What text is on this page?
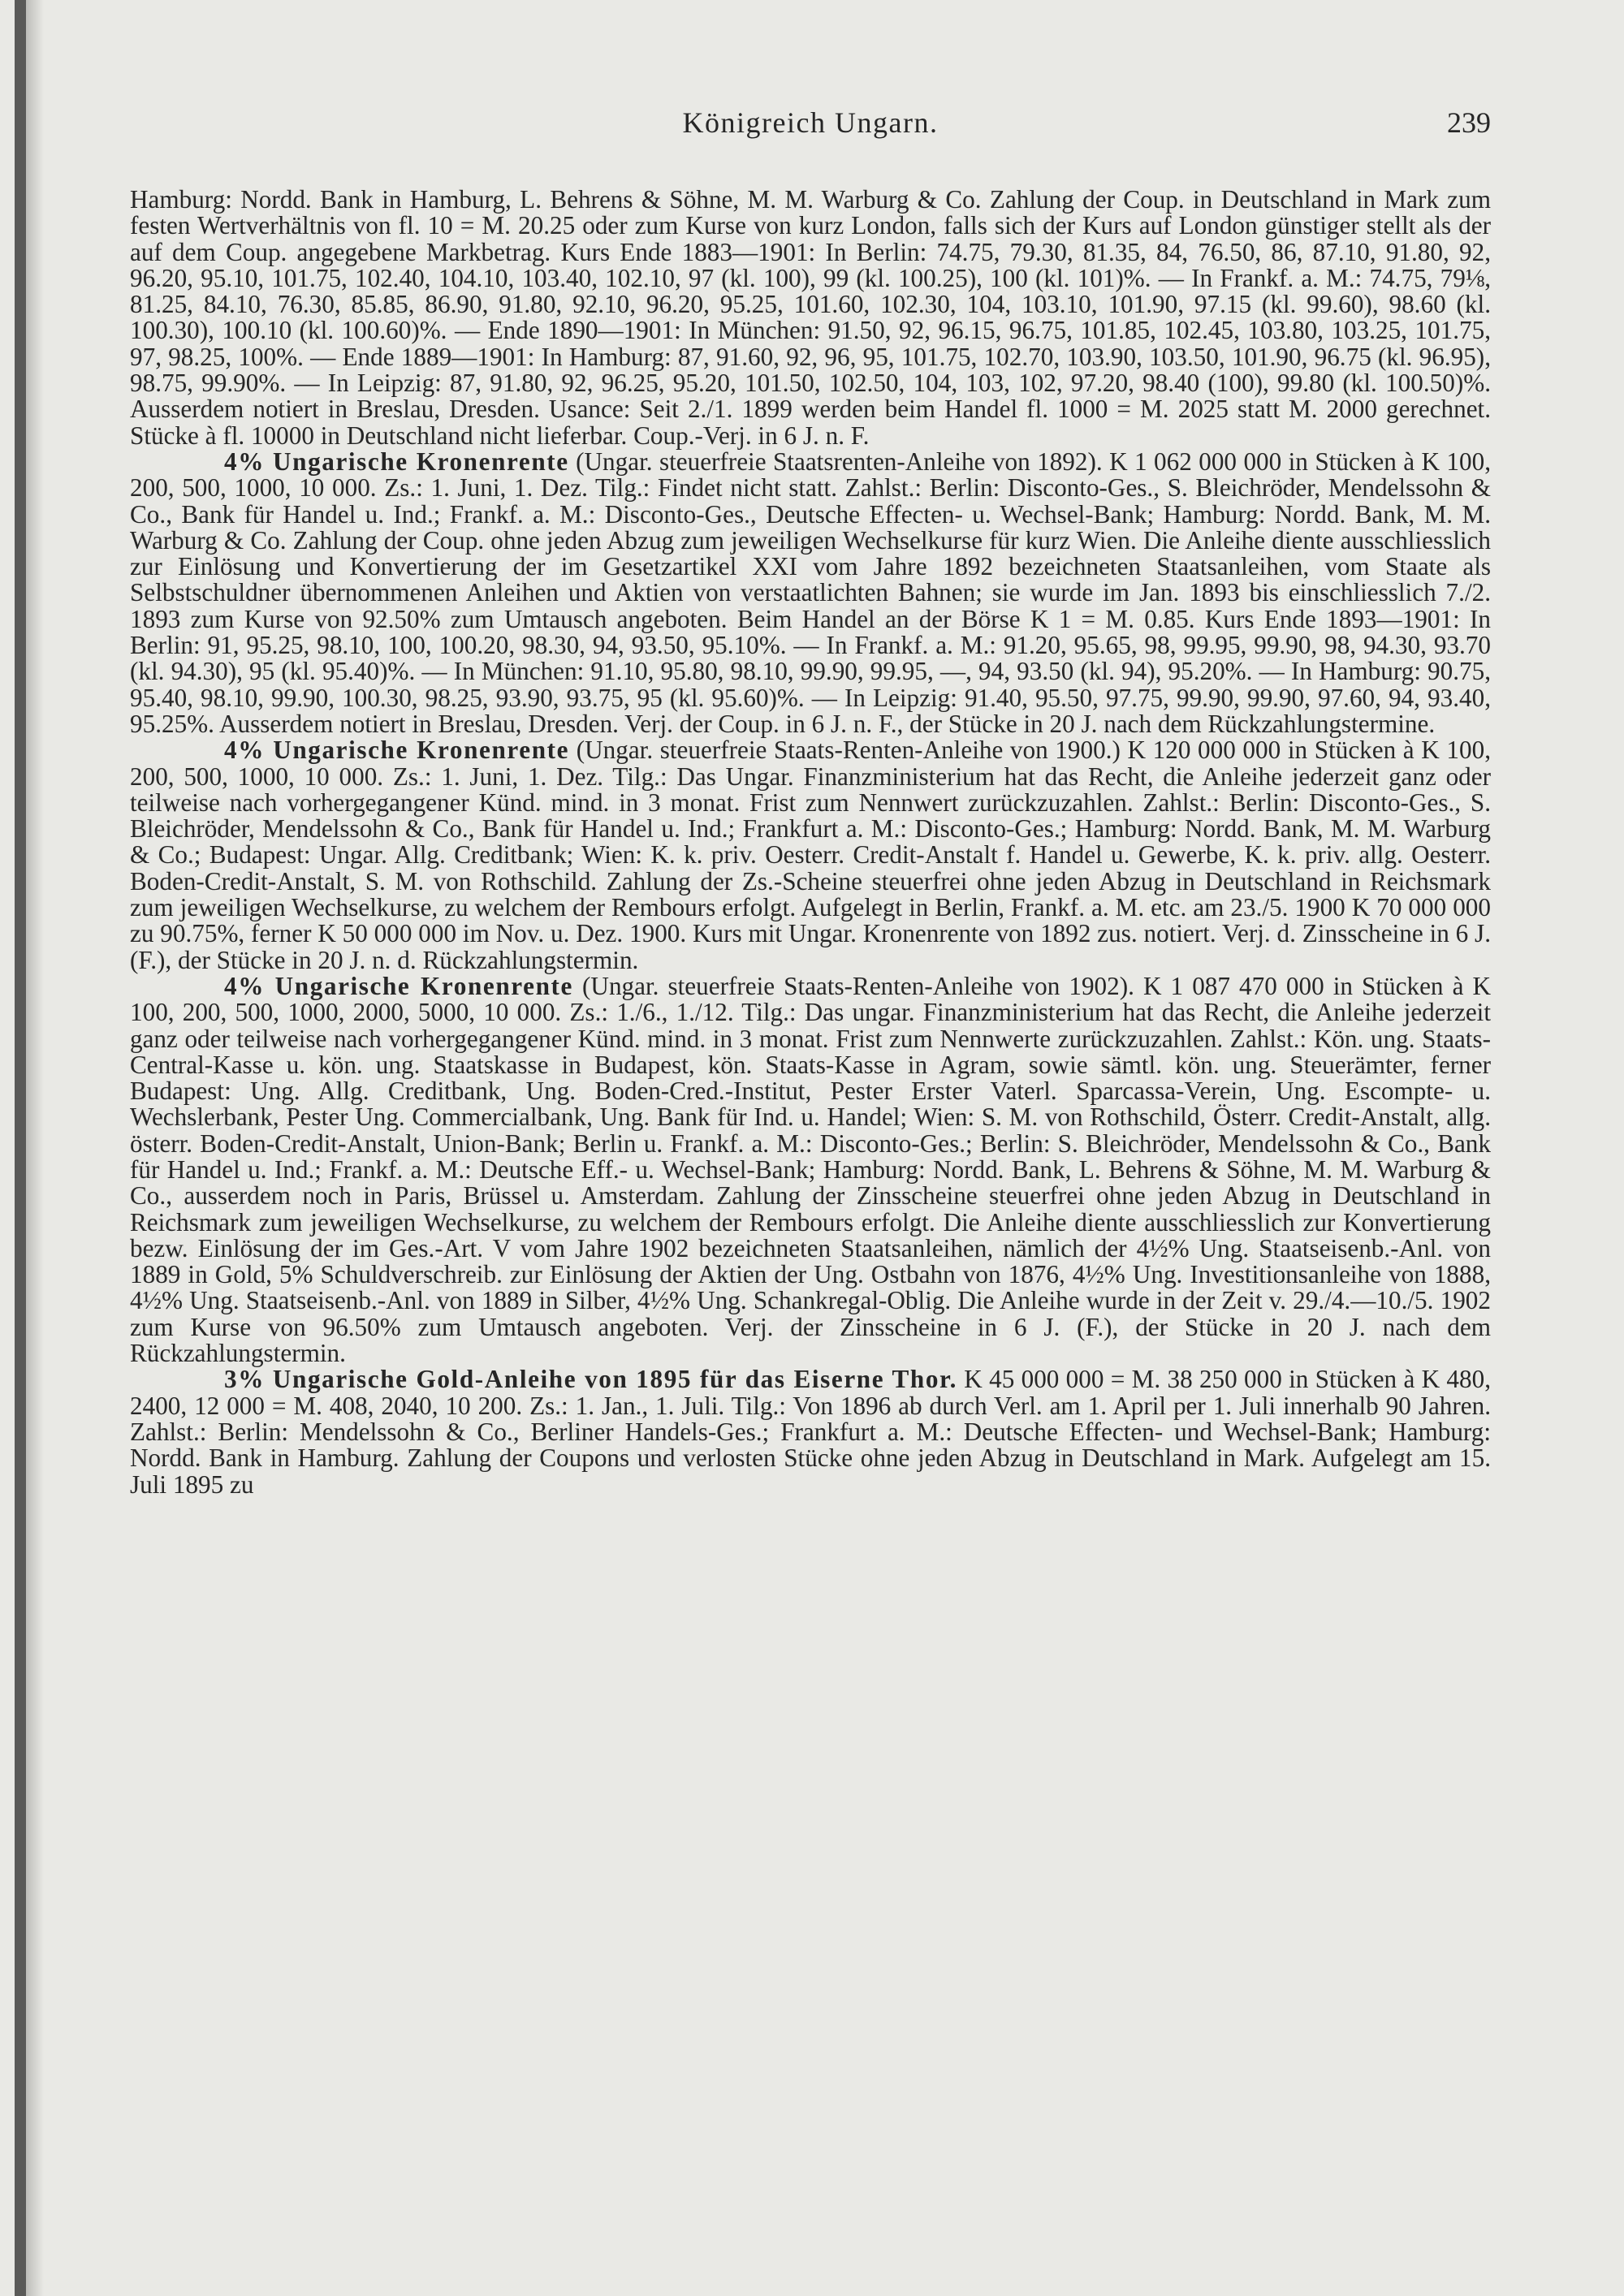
Königreich Ungarn.	239

Hamburg: Nordd. Bank in Hamburg, L. Behrens & Söhne, M. M. Warburg & Co. Zahlung der Coup. in Deutschland in Mark zum festen Wertverhältnis von fl. 10 = M. 20.25 oder zum Kurse von kurz London, falls sich der Kurs auf London günstiger stellt als der auf dem Coup. angegebene Markbetrag. Kurs Ende 1883—1901: In Berlin: 74.75, 79.30, 81.35, 84, 76.50, 86, 87.10, 91.80, 92, 96.20, 95.10, 101.75, 102.40, 104.10, 103.40, 102.10, 97 (kl. 100), 99 (kl. 100.25), 100 (kl. 101)%. — In Frankf. a. M.: 74.75, 79⅛, 81.25, 84.10, 76.30, 85.85, 86.90, 91.80, 92.10, 96.20, 95.25, 101.60, 102.30, 104, 103.10, 101.90, 97.15 (kl. 99.60), 98.60 (kl. 100.30), 100.10 (kl. 100.60)%. — Ende 1890—1901: In München: 91.50, 92, 96.15, 96.75, 101.85, 102.45, 103.80, 103.25, 101.75, 97, 98.25, 100%. — Ende 1889—1901: In Hamburg: 87, 91.60, 92, 96, 95, 101.75, 102.70, 103.90, 103.50, 101.90, 96.75 (kl. 96.95), 98.75, 99.90%. — In Leipzig: 87, 91.80, 92, 96.25, 95.20, 101.50, 102.50, 104, 103, 102, 97.20, 98.40 (100), 99.80 (kl. 100.50)%. Ausserdem notiert in Breslau, Dresden. Usance: Seit 2./1. 1899 werden beim Handel fl. 1000 = M. 2025 statt M. 2000 gerechnet. Stücke à fl. 10000 in Deutschland nicht lieferbar. Coup.-Verj. in 6 J. n. F.

4% Ungarische Kronenrente (Ungar. steuerfreie Staatsrenten-Anleihe von 1892). K 1 062 000 000 in Stücken à K 100, 200, 500, 1000, 10 000. Zs.: 1. Juni, 1. Dez. Tilg.: Findet nicht statt. Zahlst.: Berlin: Disconto-Ges., S. Bleichröder, Mendelssohn & Co., Bank für Handel u. Ind.; Frankf. a. M.: Disconto-Ges., Deutsche Effecten- u. Wechsel-Bank; Hamburg: Nordd. Bank, M. M. Warburg & Co. Zahlung der Coup. ohne jeden Abzug zum jeweiligen Wechselkurse für kurz Wien. Die Anleihe diente ausschliesslich zur Einlösung und Konvertierung der im Gesetzartikel XXI vom Jahre 1892 bezeichneten Staatsanleihen, vom Staate als Selbstschuldner übernommenen Anleihen und Aktien von verstaatlichten Bahnen; sie wurde im Jan. 1893 bis einschliesslich 7./2. 1893 zum Kurse von 92.50% zum Umtausch angeboten. Beim Handel an der Börse K 1 = M. 0.85. Kurs Ende 1893—1901: In Berlin: 91, 95.25, 98.10, 100, 100.20, 98.30, 94, 93.50, 95.10%. — In Frankf. a. M.: 91.20, 95.65, 98, 99.95, 99.90, 98, 94.30, 93.70 (kl. 94.30), 95 (kl. 95.40)%. — In München: 91.10, 95.80, 98.10, 99.90, 99.95, —, 94, 93.50 (kl. 94), 95.20%. — In Hamburg: 90.75, 95.40, 98.10, 99.90, 100.30, 98.25, 93.90, 93.75, 95 (kl. 95.60)%. — In Leipzig: 91.40, 95.50, 97.75, 99.90, 99.90, 97.60, 94, 93.40, 95.25%. Ausserdem notiert in Breslau, Dresden. Verj. der Coup. in 6 J. n. F., der Stücke in 20 J. nach dem Rückzahlungstermine.

4% Ungarische Kronenrente (Ungar. steuerfreie Staats-Renten-Anleihe von 1900.) K 120 000 000 in Stücken à K 100, 200, 500, 1000, 10 000. Zs.: 1. Juni, 1. Dez. Tilg.: Das Ungar. Finanzministerium hat das Recht, die Anleihe jederzeit ganz oder teilweise nach vorhergegangener Künd. mind. in 3 monat. Frist zum Nennwert zurückzuzahlen. Zahlst.: Berlin: Disconto-Ges., S. Bleichröder, Mendelssohn & Co., Bank für Handel u. Ind.; Frankfurt a. M.: Disconto-Ges.; Hamburg: Nordd. Bank, M. M. Warburg & Co.; Budapest: Ungar. Allg. Creditbank; Wien: K. k. priv. Oesterr. Credit-Anstalt f. Handel u. Gewerbe, K. k. priv. allg. Oesterr. Boden-Credit-Anstalt, S. M. von Rothschild. Zahlung der Zs.-Scheine steuerfrei ohne jeden Abzug in Deutschland in Reichsmark zum jeweiligen Wechselkurse, zu welchem der Rembours erfolgt. Aufgelegt in Berlin, Frankf. a. M. etc. am 23./5. 1900 K 70 000 000 zu 90.75%, ferner K 50 000 000 im Nov. u. Dez. 1900. Kurs mit Ungar. Kronenrente von 1892 zus. notiert. Verj. d. Zinsscheine in 6 J. (F.), der Stücke in 20 J. n. d. Rückzahlungstermin.

4% Ungarische Kronenrente (Ungar. steuerfreie Staats-Renten-Anleihe von 1902). K 1 087 470 000 in Stücken à K 100, 200, 500, 1000, 2000, 5000, 10 000. Zs.: 1./6., 1./12. Tilg.: Das ungar. Finanzministerium hat das Recht, die Anleihe jederzeit ganz oder teilweise nach vorhergegangener Künd. mind. in 3 monat. Frist zum Nennwerte zurückzuzahlen. Zahlst.: Kön. ung. Staats-Central-Kasse u. kön. ung. Staatskasse in Budapest, kön. Staats-Kasse in Agram, sowie sämtl. kön. ung. Steuerämter, ferner Budapest: Ung. Allg. Creditbank, Ung. Boden-Cred.-Institut, Pester Erster Vaterl. Sparcassa-Verein, Ung. Escompte- u. Wechslerbank, Pester Ung. Commercialbank, Ung. Bank für Ind. u. Handel; Wien: S. M. von Rothschild, Österr. Credit-Anstalt, allg. österr. Boden-Credit-Anstalt, Union-Bank; Berlin u. Frankf. a. M.: Disconto-Ges.; Berlin: S. Bleichröder, Mendelssohn & Co., Bank für Handel u. Ind.; Frankf. a. M.: Deutsche Eff.- u. Wechsel-Bank; Hamburg: Nordd. Bank, L. Behrens & Söhne, M. M. Warburg & Co., ausserdem noch in Paris, Brüssel u. Amsterdam. Zahlung der Zinsscheine steuerfrei ohne jeden Abzug in Deutschland in Reichsmark zum jeweiligen Wechselkurse, zu welchem der Rembours erfolgt. Die Anleihe diente ausschliesslich zur Konvertierung bezw. Einlösung der im Ges.-Art. V vom Jahre 1902 bezeichneten Staatsanleihen, nämlich der 4½% Ung. Staatseisenb.-Anl. von 1889 in Gold, 5% Schuldverschreib. zur Einlösung der Aktien der Ung. Ostbahn von 1876, 4½% Ung. Investitionsanleihe von 1888, 4½% Ung. Staatseisenb.-Anl. von 1889 in Silber, 4½% Ung. Schankregal-Oblig. Die Anleihe wurde in der Zeit v. 29./4.—10./5. 1902 zum Kurse von 96.50% zum Umtausch angeboten. Verj. der Zinsscheine in 6 J. (F.), der Stücke in 20 J. nach dem Rückzahlungstermin.

3% Ungarische Gold-Anleihe von 1895 für das Eiserne Thor. K 45 000 000 = M. 38 250 000 in Stücken à K 480, 2400, 12 000 = M. 408, 2040, 10 200. Zs.: 1. Jan., 1. Juli. Tilg.: Von 1896 ab durch Verl. am 1. April per 1. Juli innerhalb 90 Jahren. Zahlst.: Berlin: Mendelssohn & Co., Berliner Handels-Ges.; Frankfurt a. M.: Deutsche Effecten- und Wechsel-Bank; Hamburg: Nordd. Bank in Hamburg. Zahlung der Coupons und verlosten Stücke ohne jeden Abzug in Deutschland in Mark. Aufgelegt am 15. Juli 1895 zu
